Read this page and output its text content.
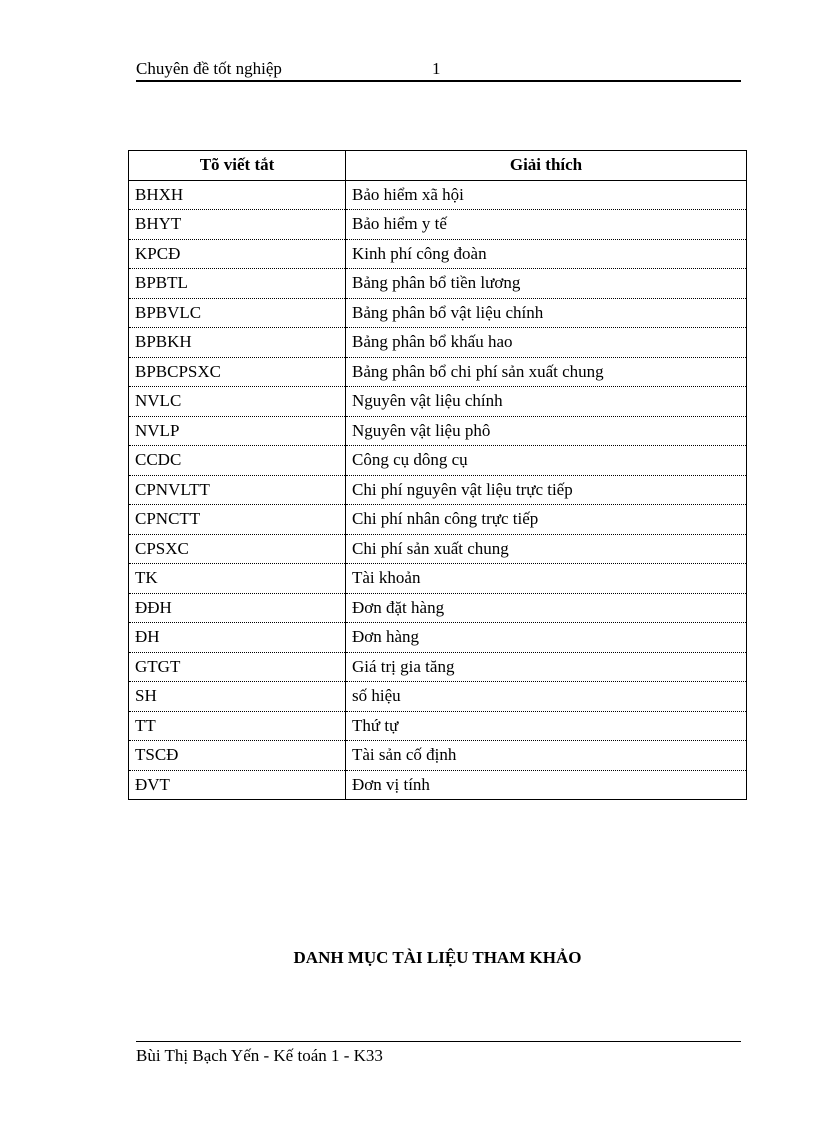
Chuyên đề tốt nghiệp	1
Tõ viết tắt	Giải thích
BHXH	Bảo hiểm xã hội
BHYT	Bảo hiểm y tế
KPCĐ	Kinh phí công đoàn
BPBTL	Bảng phân bổ tiền lương
BPBVLC	Bảng phân bổ vật liệu chính
BPBKH	Bảng phân bổ khấu hao
BPBCPSXC	Bảng phân bổ chi phí sản xuất chung
NVLC	Nguyên vật liệu chính
NVLP	Nguyên vật liệu phô
CCDC	Công cụ dông cụ
CPNVLTT	Chi phí nguyên vật liệu trực tiếp
CPNCTT	Chi phí nhân công trực tiếp
CPSXC	Chi phí sản xuất chung
TK	Tài khoản
ĐĐH	Đơn đặt hàng
ĐH	Đơn hàng
GTGT	Giá trị gia tăng
SH	số hiệu
TT	Thứ tự
TSCĐ	Tài sản cố định
ĐVT	Đơn vị tính
DANH MỤC TÀI LIỆU THAM KHẢO
Bùi Thị Bạch Yến - Kế toán 1 - K33
